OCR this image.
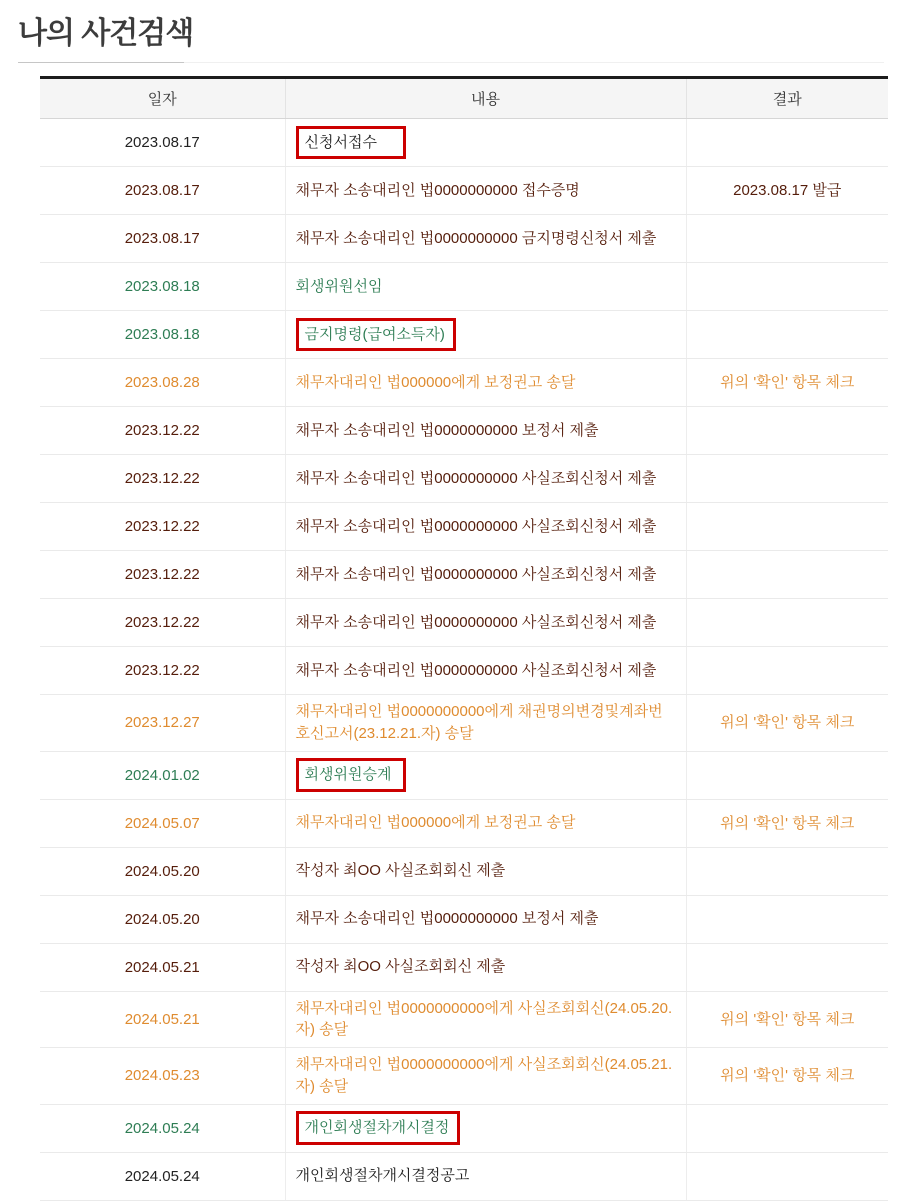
나의 사건검색
일자	내용	결과
2023.08.17	신청서접수	
2023.08.17	채무자 소송대리인 법0000000000 접수증명	2023.08.17 발급
2023.08.17	채무자 소송대리인 법0000000000 금지명령신청서 제출	
2023.08.18	회생위원선임	
2023.08.18	금지명령(급여소득자)	
2023.08.28	채무자대리인 법000000에게 보정권고 송달	위의 '확인' 항목 체크
2023.12.22	채무자 소송대리인 법0000000000 보정서 제출	
2023.12.22	채무자 소송대리인 법0000000000 사실조회신청서 제출	
2023.12.22	채무자 소송대리인 법0000000000 사실조회신청서 제출	
2023.12.22	채무자 소송대리인 법0000000000 사실조회신청서 제출	
2023.12.22	채무자 소송대리인 법0000000000 사실조회신청서 제출	
2023.12.22	채무자 소송대리인 법0000000000 사실조회신청서 제출	
2023.12.27	채무자대리인 법0000000000에게 채권명의변경및계좌번호신고서(23.12.21.자) 송달	위의 '확인' 항목 체크
2024.01.02	회생위원승계	
2024.05.07	채무자대리인 법000000에게 보정권고 송달	위의 '확인' 항목 체크
2024.05.20	작성자 최OO 사실조회회신 제출	
2024.05.20	채무자 소송대리인 법0000000000 보정서 제출	
2024.05.21	작성자 최OO 사실조회회신 제출	
2024.05.21	채무자대리인 법0000000000에게 사실조회회신(24.05.20.자) 송달	위의 '확인' 항목 체크
2024.05.23	채무자대리인 법0000000000에게 사실조회회신(24.05.21.자) 송달	위의 '확인' 항목 체크
2024.05.24	개인회생절차개시결정	
2024.05.24	개인회생절차개시결정공고	
